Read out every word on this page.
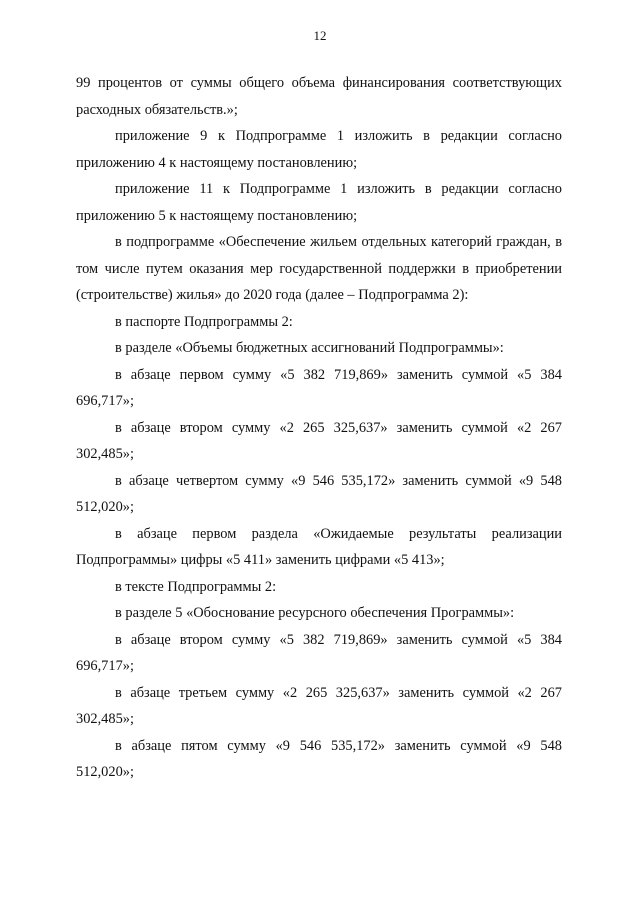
12

99 процентов от суммы общего объема финансирования соответствующих расходных обязательств.»;

приложение 9 к Подпрограмме 1 изложить в редакции согласно приложению 4 к настоящему постановлению;

приложение 11 к Подпрограмме 1 изложить в редакции согласно приложению 5 к настоящему постановлению;

в подпрограмме «Обеспечение жильем отдельных категорий граждан, в том числе путем оказания мер государственной поддержки в приобретении (строительстве) жилья» до 2020 года (далее – Подпрограмма 2):

в паспорте Подпрограммы 2:

в разделе «Объемы бюджетных ассигнований Подпрограммы»:

в абзаце первом сумму «5 382 719,869» заменить суммой «5 384 696,717»;

в абзаце втором сумму «2 265 325,637» заменить суммой «2 267 302,485»;

в абзаце четвертом сумму «9 546 535,172» заменить суммой «9 548 512,020»;

в абзаце первом раздела «Ожидаемые результаты реализации Подпрограммы» цифры «5 411» заменить цифрами «5 413»;

в тексте Подпрограммы 2:

в разделе 5 «Обоснование ресурсного обеспечения Программы»:

в абзаце втором сумму «5 382 719,869» заменить суммой «5 384 696,717»;

в абзаце третьем сумму «2 265 325,637» заменить суммой «2 267 302,485»;

в абзаце пятом сумму «9 546 535,172» заменить суммой «9 548 512,020»;
